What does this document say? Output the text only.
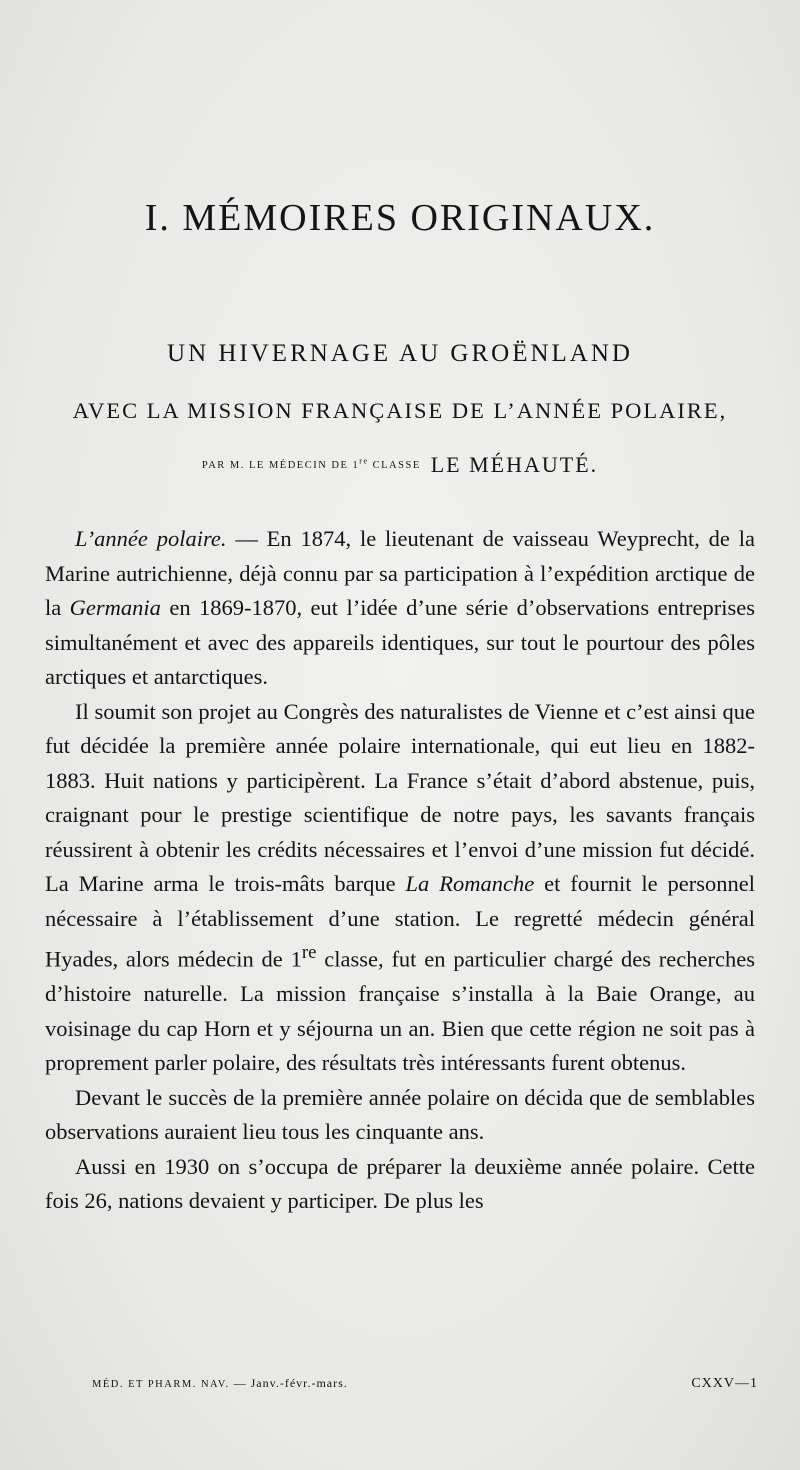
I. MÉMOIRES ORIGINAUX.
UN HIVERNAGE AU GROËNLAND
AVEC LA MISSION FRANÇAISE DE L’ANNÉE POLAIRE,
$^{PAR M. LE MÉDECIN DE 1^{re} CLASSE}$ LE MÉHAUTÉ.

L’année polaire. — En 1874, le lieutenant de vaisseau Weyprecht, de la Marine autrichienne, déjà connu par sa participation à l’expédition arctique de la Germania en 1869-1870, eut l’idée d’une série d’observations entreprises simultanément et avec des appareils identiques, sur tout le pourtour des pôles arctiques et antarctiques.

Il soumit son projet au Congrès des naturalistes de Vienne et c’est ainsi que fut décidée la première année polaire internationale, qui eut lieu en 1882-1883. Huit nations y participèrent. La France s’était d’abord abstenue, puis, craignant pour le prestige scientifique de notre pays, les savants français réussirent à obtenir les crédits nécessaires et l’envoi d’une mission fut décidé. La Marine arma le trois-mâts barque La Romanche et fournit le personnel nécessaire à l’établissement d’une station. Le regretté médecin général Hyades, alors médecin de 1re classe, fut en particulier chargé des recherches d’histoire naturelle. La mission française s’installa à la Baie Orange, au voisinage du cap Horn et y séjourna un an. Bien que cette région ne soit pas à proprement parler polaire, des résultats très intéressants furent obtenus.

Devant le succès de la première année polaire on décida que de semblables observations auraient lieu tous les cinquante ans.

Aussi en 1930 on s’occupa de préparer la deuxième année polaire. Cette fois 26, nations devaient y participer. De plus les

MÉD. ET PHARM. NAV. — Janv.-févr.-mars.	CXXV—1
